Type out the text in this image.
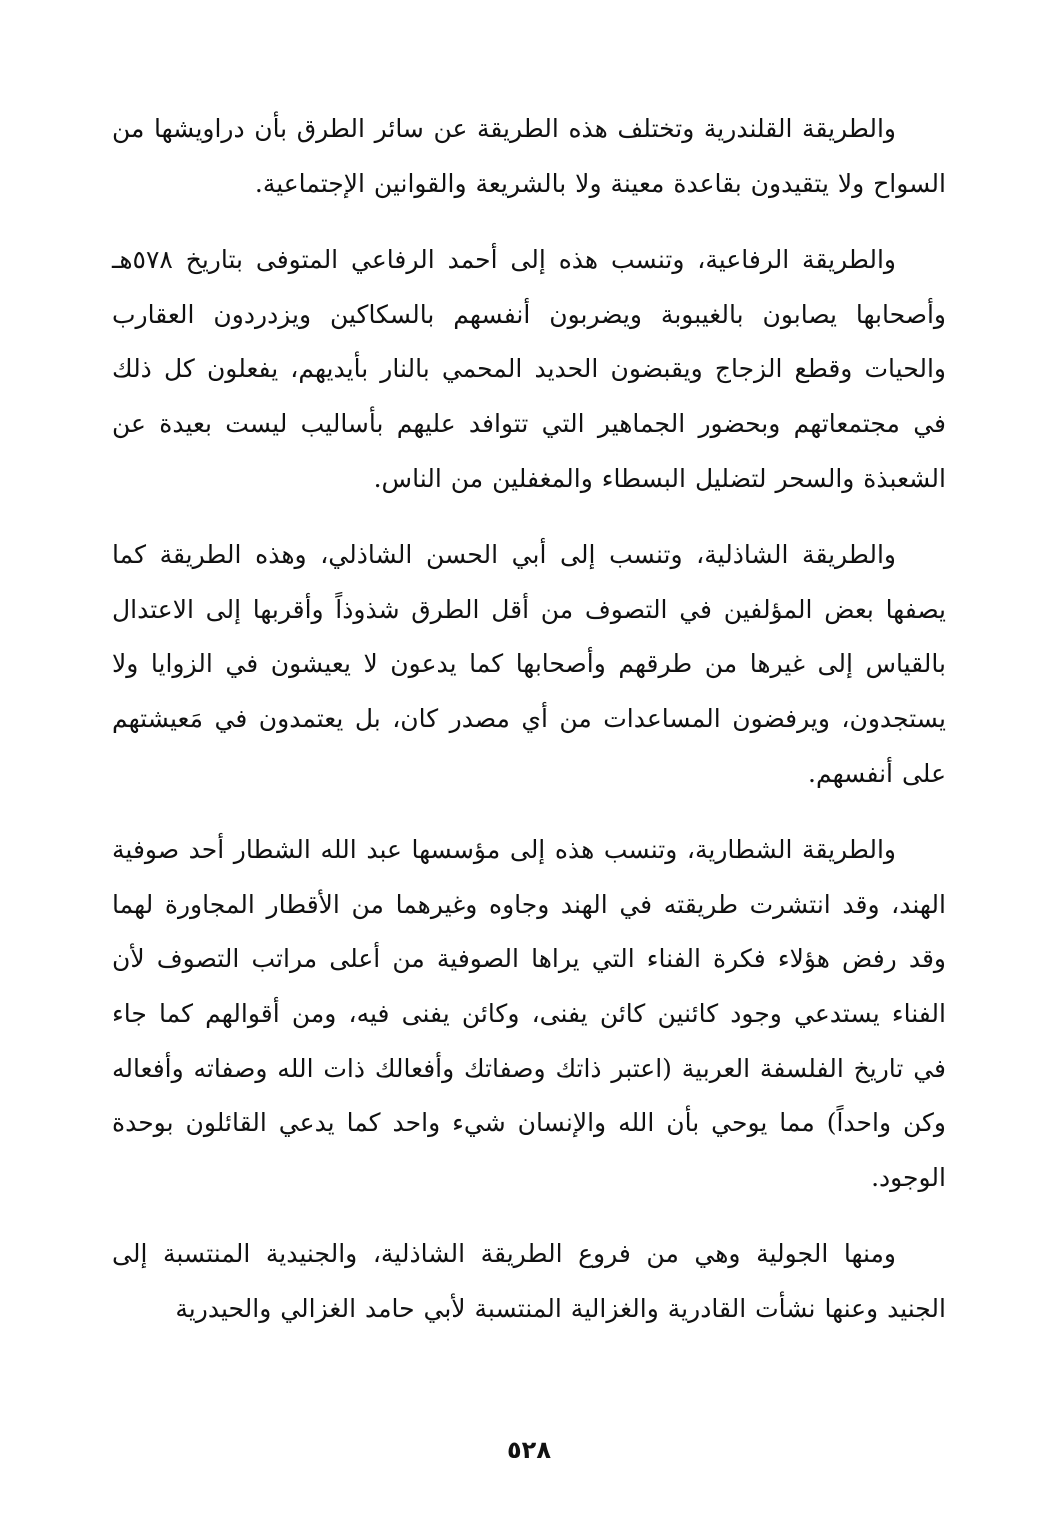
والطريقة القلندرية وتختلف هذه الطريقة عن سائر الطرق بأن دراويشها من السواح ولا يتقيدون بقاعدة معينة ولا بالشريعة والقوانين الإجتماعية.

والطريقة الرفاعية، وتنسب هذه إلى أحمد الرفاعي المتوفى بتاريخ ٥٧٨هـ وأصحابها يصابون بالغيبوبة ويضربون أنفسهم بالسكاكين ويزدردون العقارب والحيات وقطع الزجاج ويقبضون الحديد المحمي بالنار بأيديهم، يفعلون كل ذلك في مجتمعاتهم وبحضور الجماهير التي تتوافد عليهم بأساليب ليست بعيدة عن الشعبذة والسحر لتضليل البسطاء والمغفلين من الناس.

والطريقة الشاذلية، وتنسب إلى أبي الحسن الشاذلي، وهذه الطريقة كما يصفها بعض المؤلفين في التصوف من أقل الطرق شذوذاً وأقربها إلى الاعتدال بالقياس إلى غيرها من طرقهم وأصحابها كما يدعون لا يعيشون في الزوايا ولا يستجدون، ويرفضون المساعدات من أي مصدر كان، بل يعتمدون في مَعيشتهم على أنفسهم.

والطريقة الشطارية، وتنسب هذه إلى مؤسسها عبد الله الشطار أحد صوفية الهند، وقد انتشرت طريقته في الهند وجاوه وغيرهما من الأقطار المجاورة لهما وقد رفض هؤلاء فكرة الفناء التي يراها الصوفية من أعلى مراتب التصوف لأن الفناء يستدعي وجود كائنين كائن يفنى، وكائن يفنى فيه، ومن أقوالهم كما جاء في تاريخ الفلسفة العربية (اعتبر ذاتك وصفاتك وأفعالك ذات الله وصفاته وأفعاله وكن واحداً) مما يوحي بأن الله والإنسان شيء واحد كما يدعي القائلون بوحدة الوجود.

ومنها الجولية وهي من فروع الطريقة الشاذلية، والجنيدية المنتسبة إلى الجنيد وعنها نشأت القادرية والغزالية المنتسبة لأبي حامد الغزالي والحيدرية

٥٢٨
